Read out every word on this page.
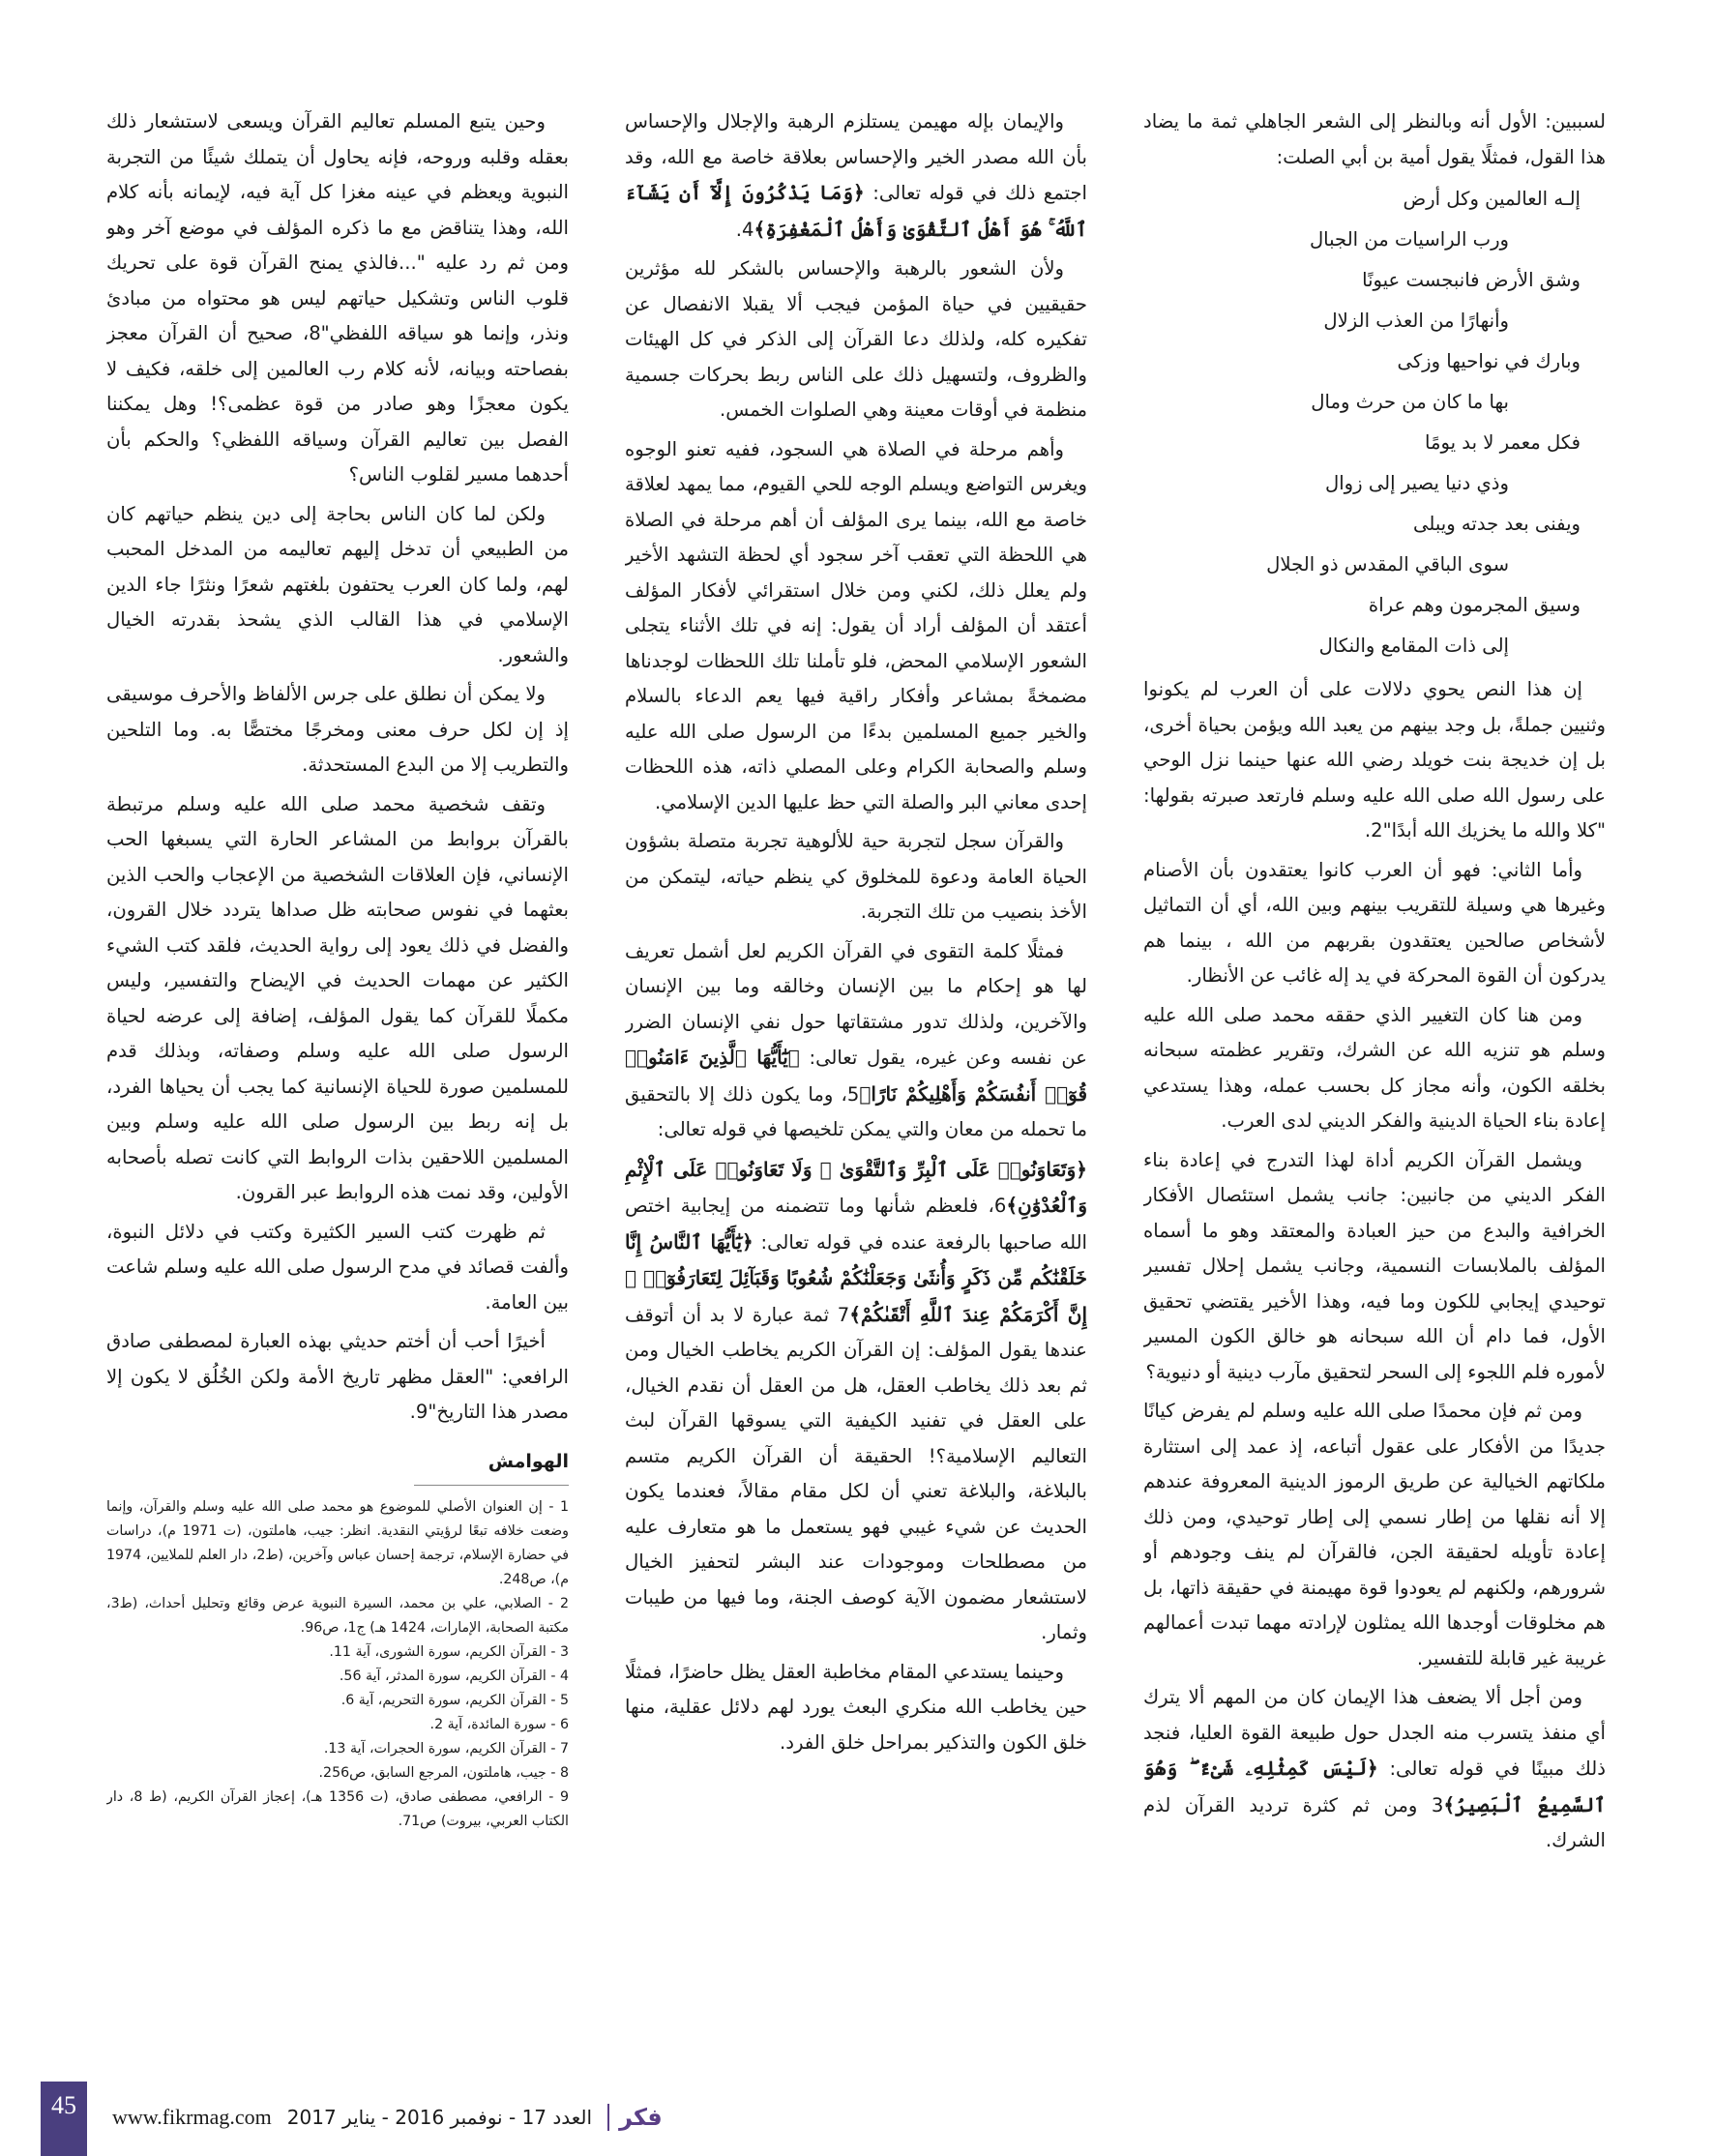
لسببين: الأول أنه وبالنظر إلى الشعر الجاهلي ثمة ما يضاد هذا القول، فمثلًا يقول أمية بن أبي الصلت:

إلـه العالمين وكل أرض
ورب الراسيات من الجبال
وشق الأرض فانبجست عيونًا
وأنهارًا من العذب الزلال
وبارك في نواحيها وزكى
بها ما كان من حرث ومال
فكل معمر لا بد يومًا
وذي دنيا يصير إلى زوال
ويفنى بعد جدته ويبلى
سوى الباقي المقدس ذو الجلال
وسيق المجرمون وهم عراة
إلى ذات المقامع والنكال

إن هذا النص يحوي دلالات على أن العرب لم يكونوا وثنيين جملةً، بل وجد بينهم من يعبد الله ويؤمن بحياة أخرى، بل إن خديجة بنت خويلد رضي الله عنها حينما نزل الوحي على رسول الله صلى الله عليه وسلم فارتعد صبرته بقولها: "كلا والله ما يخزيك الله أبدًا"2.

وأما الثاني: فهو أن العرب كانوا يعتقدون بأن الأصنام وغيرها هي وسيلة للتقريب بينهم وبين الله، أي أن التماثيل لأشخاص صالحين يعتقدون بقربهم من الله ، بينما هم يدركون أن القوة المحركة في يد إله غائب عن الأنظار.

ومن هنا كان التغيير الذي حققه محمد صلى الله عليه وسلم هو تنزيه الله عن الشرك، وتقرير عظمته سبحانه بخلقه الكون، وأنه مجاز كل بحسب عمله، وهذا يستدعي إعادة بناء الحياة الدينية والفكر الديني لدى العرب.

ويشمل القرآن الكريم أداة لهذا التدرج في إعادة بناء الفكر الديني من جانبين: جانب يشمل استئصال الأفكار الخرافية والبدع من حيز العبادة والمعتقد وهو ما أسماه المؤلف بالملابسات النسمية، وجانب يشمل إحلال تفسير توحيدي إيجابي للكون وما فيه، وهذا الأخير يقتضي تحقيق الأول، فما دام أن الله سبحانه هو خالق الكون المسير لأموره فلم اللجوء إلى السحر لتحقيق مآرب دينية أو دنيوية؟

ومن ثم فإن محمدًا صلى الله عليه وسلم لم يفرض كيانًا جديدًا من الأفكار على عقول أتباعه، إذ عمد إلى استثارة ملكاتهم الخيالية عن طريق الرموز الدينية المعروفة عندهم إلا أنه نقلها من إطار نسمي إلى إطار توحيدي، ومن ذلك إعادة تأويله لحقيقة الجن، فالقرآن لم ينف وجودهم أو شرورهم، ولكنهم لم يعودوا قوة مهيمنة في حقيقة ذاتها، بل هم مخلوقات أوجدها الله يمثلون لإرادته مهما تبدت أعمالهم غريبة غير قابلة للتفسير.

ومن أجل ألا يضعف هذا الإيمان كان من المهم ألا يترك أي منفذ يتسرب منه الجدل حول طبيعة القوة العليا، فنجد ذلك مبينًا في قوله تعالى: ﴿لَيْسَ كَمِثْلِهِۦ شَىْءٌ ۖ وَهُوَ ٱلسَّمِيعُ ٱلْبَصِيرُ﴾3 ومن ثم كثرة ترديد القرآن لذم الشرك.

والإيمان بإله مهيمن يستلزم الرهبة والإجلال والإحساس بأن الله مصدر الخير والإحساس بعلاقة خاصة مع الله، وقد اجتمع ذلك في قوله تعالى: ﴿وَمَا يَذْكُرُونَ إِلَّآ أَن يَشَآءَ ٱللَّهُ ۚ هُوَ أَهْلُ ٱلتَّقْوَىٰ وَأَهْلُ ٱلْمَغْفِرَةِ﴾4.

ولأن الشعور بالرهبة والإحساس بالشكر لله مؤثرين حقيقيين في حياة المؤمن فيجب ألا يقبلا الانفصال عن تفكيره كله، ولذلك دعا القرآن إلى الذكر في كل الهيئات والظروف، ولتسهيل ذلك على الناس ربط بحركات جسمية منظمة في أوقات معينة وهي الصلوات الخمس.

وأهم مرحلة في الصلاة هي السجود، ففيه تعنو الوجوه ويغرس التواضع ويسلم الوجه للحي القيوم، مما يمهد لعلاقة خاصة مع الله، بينما يرى المؤلف أن أهم مرحلة في الصلاة هي اللحظة التي تعقب آخر سجود أي لحظة التشهد الأخير ولم يعلل ذلك، لكني ومن خلال استقرائي لأفكار المؤلف أعتقد أن المؤلف أراد أن يقول: إنه في تلك الأثناء يتجلى الشعور الإسلامي المحض، فلو تأملنا تلك اللحظات لوجدناها مضمخةً بمشاعر وأفكار راقية فيها يعم الدعاء بالسلام والخير جميع المسلمين بدءًا من الرسول صلى الله عليه وسلم والصحابة الكرام وعلى المصلي ذاته، هذه اللحظات إحدى معاني البر والصلة التي حظ عليها الدين الإسلامي.

والقرآن سجل لتجربة حية للألوهية تجربة متصلة بشؤون الحياة العامة ودعوة للمخلوق كي ينظم حياته، ليتمكن من الأخذ بنصيب من تلك التجربة.

فمثلًا كلمة التقوى في القرآن الكريم لعل أشمل تعريف لها هو إحكام ما بين الإنسان وخالقه وما بين الإنسان والآخرين، ولذلك تدور مشتقاتها حول نفي الإنسان الضرر عن نفسه وعن غيره، يقول تعالى: ﴿يَٰٓأَيُّهَا ٱلَّذِينَ ءَامَنُوا۟ قُوٓا۟ أَنفُسَكُمْ وَأَهْلِيكُمْ نَارًا﴾5، وما يكون ذلك إلا بالتحقيق ما تحمله من معان والتي يمكن تلخيصها في قوله تعالى:

﴿وَتَعَاوَنُوا۟ عَلَى ٱلْبِرِّ وَٱلتَّقْوَىٰ ۖ وَلَا تَعَاوَنُوا۟ عَلَى ٱلْإِثْمِ وَٱلْعُدْوَٰنِ﴾6، فلعظم شأنها وما تتضمنه من إيجابية اختص الله صاحبها بالرفعة عنده في قوله تعالى: ﴿يَٰٓأَيُّهَا ٱلنَّاسُ إِنَّا خَلَقْنَٰكُم مِّن ذَكَرٍ وَأُنثَىٰ وَجَعَلْنَٰكُمْ شُعُوبًا وَقَبَآئِلَ لِتَعَارَفُوٓا۟ ۚ إِنَّ أَكْرَمَكُمْ عِندَ ٱللَّهِ أَتْقَىٰكُمْ﴾7 ثمة عبارة لا بد أن أتوقف عندها يقول المؤلف: إن القرآن الكريم يخاطب الخيال ومن ثم بعد ذلك يخاطب العقل، هل من العقل أن نقدم الخيال، على العقل في تفنيد الكيفية التي يسوقها القرآن لبث التعاليم الإسلامية؟! الحقيقة أن القرآن الكريم متسم بالبلاغة، والبلاغة تعني أن لكل مقام مقالاً، فعندما يكون الحديث عن شيء غيبي فهو يستعمل ما هو متعارف عليه من مصطلحات وموجودات عند البشر لتحفيز الخيال لاستشعار مضمون الآية كوصف الجنة، وما فيها من طيبات وثمار.

وحينما يستدعي المقام مخاطبة العقل يظل حاضرًا، فمثلًا حين يخاطب الله منكري البعث يورد لهم دلائل عقلية، منها خلق الكون والتذكير بمراحل خلق الفرد.

وحين يتبع المسلم تعاليم القرآن ويسعى لاستشعار ذلك بعقله وقلبه وروحه، فإنه يحاول أن يتملك شيئًا من التجربة النبوية ويعظم في عينه مغزا كل آية فيه، لإيمانه بأنه كلام الله، وهذا يتناقض مع ما ذكره المؤلف في موضع آخر وهو ومن ثم رد عليه "...فالذي يمنح القرآن قوة على تحريك قلوب الناس وتشكيل حياتهم ليس هو محتواه من مبادئ ونذر، وإنما هو سياقه اللفظي"8، صحيح أن القرآن معجز بفصاحته وبيانه، لأنه كلام رب العالمين إلى خلقه، فكيف لا يكون معجزًا وهو صادر من قوة عظمى؟! وهل يمكننا الفصل بين تعاليم القرآن وسياقه اللفظي؟ والحكم بأن أحدهما مسير لقلوب الناس؟

ولكن لما كان الناس بحاجة إلى دين ينظم حياتهم كان من الطبيعي أن تدخل إليهم تعاليمه من المدخل المحبب لهم، ولما كان العرب يحتفون بلغتهم شعرًا ونثرًا جاء الدين الإسلامي في هذا القالب الذي يشحذ بقدرته الخيال والشعور.

ولا يمكن أن نطلق على جرس الألفاظ والأحرف موسيقى إذ إن لكل حرف معنى ومخرجًا مختصًّا به. وما التلحين والتطريب إلا من البدع المستحدثة.

وتقف شخصية محمد صلى الله عليه وسلم مرتبطة بالقرآن بروابط من المشاعر الحارة التي يسبغها الحب الإنساني، فإن العلاقات الشخصية من الإعجاب والحب الذين بعثهما في نفوس صحابته ظل صداها يتردد خلال القرون، والفضل في ذلك يعود إلى رواية الحديث، فلقد كتب الشيء الكثير عن مهمات الحديث في الإيضاح والتفسير، وليس مكملًا للقرآن كما يقول المؤلف، إضافة إلى عرضه لحياة الرسول صلى الله عليه وسلم وصفاته، وبذلك قدم للمسلمين صورة للحياة الإنسانية كما يجب أن يحياها الفرد، بل إنه ربط بين الرسول صلى الله عليه وسلم وبين المسلمين اللاحقين بذات الروابط التي كانت تصله بأصحابه الأولين، وقد نمت هذه الروابط عبر القرون.

ثم ظهرت كتب السير الكثيرة وكتب في دلائل النبوة، وألفت قصائد في مدح الرسول صلى الله عليه وسلم شاعت بين العامة.

أخيرًا أحب أن أختم حديثي بهذه العبارة لمصطفى صادق الرافعي: "العقل مظهر تاريخ الأمة ولكن الخُلُق لا يكون إلا مصدر هذا التاريخ"9.

الهوامش
1 - إن العنوان الأصلي للموضوع هو محمد صلى الله عليه وسلم والقرآن، وإنما وضعت خلافه تبعًا لرؤيتي النقدية. انظر: جيب، هاملتون، (ت 1971 م)، دراسات في حضارة الإسلام، ترجمة إحسان عباس وآخرين، (ط2، دار العلم للملايين، 1974 م)، ص248.
2 - الصلابي، علي بن محمد، السيرة النبوية عرض وقائع وتحليل أحداث، (ط3، مكتبة الصحابة، الإمارات، 1424 هـ) ج1، ص96.
3 - القرآن الكريم، سورة الشورى، آية 11.
4 - القرآن الكريم، سورة المدثر، آية 56.
5 - القرآن الكريم، سورة التحريم، آية 6.
6 - سورة المائدة، آية 2.
7 - القرآن الكريم، سورة الحجرات، آية 13.
8 - جيب، هاملتون، المرجع السابق، ص256.
9 - الرافعي، مصطفى صادق، (ت 1356 هـ)، إعجاز القرآن الكريم، (ط 8، دار الكتاب العربي، بيروت) ص71.
45	www.fikrmag.com العدد 17 - نوفمبر 2016 - يناير 2017	فكر
